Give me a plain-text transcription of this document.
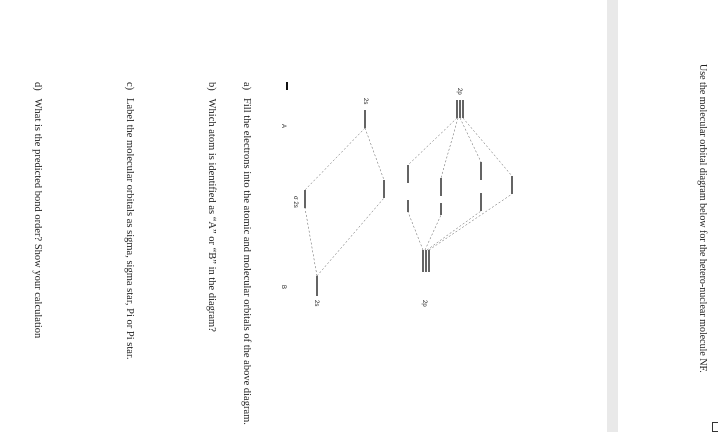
Use the molecular orbital diagram below for the hetero-nuclear molecule NF.
a)   Fill the electrons into the atomic and molecular orbitals of the above diagram.
b)   Which atom is identified as “A” or “B” in the diagram?
c)   Label the molecular orbitals as sigma, sigma star, Pi or Pi star.
d)   What is the predicted bond order? Show your calculation	2s
2p
σ 2s
2p
2s
A
B
